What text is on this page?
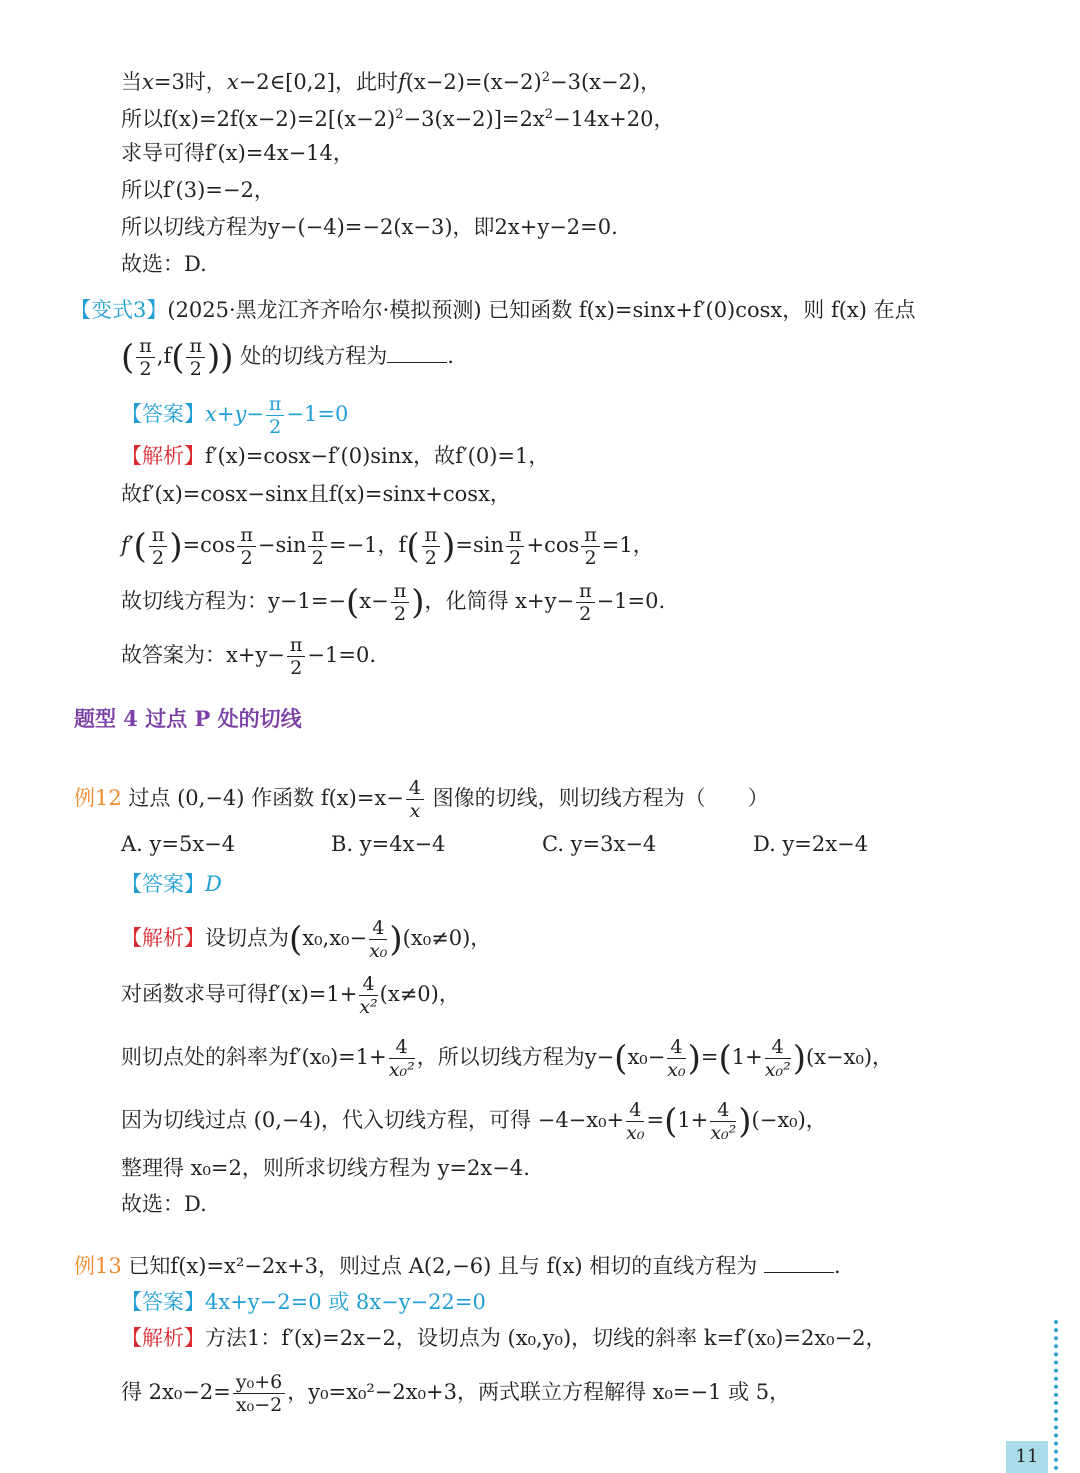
当x=3时，x−2∈[0,2]，此时$f(x-2)=(x-2)^2-3(x-2)$，
所以$f(x)=2f(x-2)=2[(x-2)^2-3(x-2)]=2x^2-14x+20$，
求导可得f′(x)=4x−14，
所以f′(3)=−2，
所以切线方程为y−(−4)=−2(x−3)，即2x+y−2=0.
故选：D.
【变式3】(2025·黑龙江齐齐哈尔·模拟预测) 已知函数 f(x)=sinx+f′(0)cosx，则 f(x) 在点
( $\frac{\pi}{2} ,f( \frac{\pi}{2}$ )) 处的切线方程为	.
【答案】$x+y- \frac{\pi}{2} -1=0$
【解析】f′(x)=cosx−f′(0)sinx，故f′(0)=1，
故f′(x)=cosx−sinx且f(x)=sinx+cosx，
$f'( \frac{\pi}{2} )=\cos \frac{\pi}{2} -\sin \frac{\pi}{2} =-1$，$f( \frac{\pi}{2} )=\sin \frac{\pi}{2} +\cos \frac{\pi}{2} =1$，
故切线方程为：$y-1=-(x- \frac{\pi}{2}$ )，化简得 $x+y- \frac{\pi}{2} -1=0$.
故答案为：$x+y- \frac{\pi}{2} -1=0$.
题型 4 过点 P 处的切线
例12 过点 (0,−4) 作函数 $f(x)=x- \frac{4}{x}$ 图像的切线，则切线方程为（　　）
A. y=5x−4	B. y=4x−4	C. y=3x−4	D. y=2x−4
【答案】D
【解析】设切点为$(x_0,x_0- \frac{4}{\text{x₀}} )(x_0\ne 0)$，
对函数求导可得$f'(x)=1+ \frac{4}{\text{x²}} (x\ne 0)$，
则切点处的斜率为$f'(x_0)=1+ \frac{4}{\text{x₀²}}$ ，所以切线方程为$y-(x_0- \frac{4}{\text{x₀}} )=(1+ \frac{4}{\text{x₀²}} )(x-x_0)$，
因为切线过点 (0,−4)，代入切线方程，可得 $-4-x_0+ \frac{4}{\text{x₀}} =(1+ \frac{4}{\text{x₀²}} )(-x_0)$，
整理得 x₀=2，则所求切线方程为 y=2x−4.
故选：D.
例13 已知f(x)=x²−2x+3，则过点 A(2,−6) 且与 f(x) 相切的直线方程为	.
【答案】4x+y−2=0 或 8x−y−22=0
【解析】方法1：f′(x)=2x−2，设切点为 (x₀,y₀)，切线的斜率 k=f′(x₀)=2x₀−2，
得 $2x_0-2= \frac{\text{y₀+6}}{\text{x₀−2}}$ ，y₀=x₀²−2x₀+3，两式联立方程解得 x₀=−1 或 5，
11
